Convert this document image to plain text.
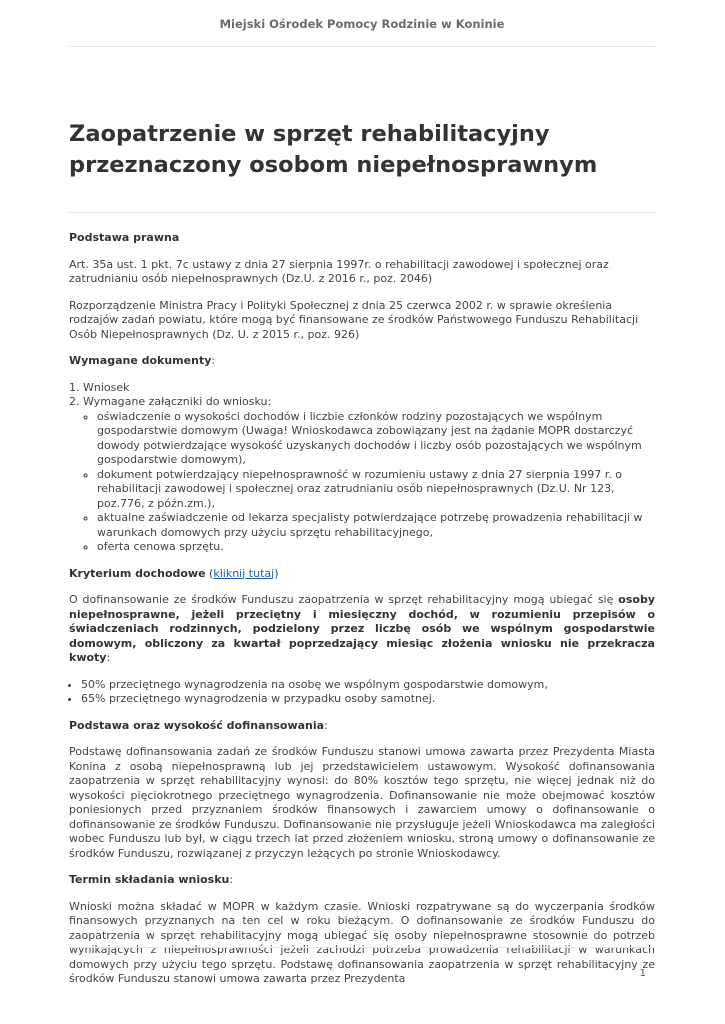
Miejski Ośrodek Pomocy Rodzinie w Koninie
Zaopatrzenie w sprzęt rehabilitacyjny przeznaczony osobom niepełnosprawnym

Podstawa prawna

Art. 35a ust. 1 pkt. 7c ustawy z dnia 27 sierpnia 1997r. o rehabilitacji zawodowej i społecznej oraz zatrudnianiu osób niepełnosprawnych (Dz.U. z 2016 r., poz. 2046)

Rozporządzenie Ministra Pracy i Polityki Społecznej z dnia 25 czerwca 2002 r. w sprawie określenia rodzajów zadań powiatu, które mogą być finansowane ze środków Państwowego Funduszu Rehabilitacji Osób Niepełnosprawnych (Dz. U. z 2015 r., poz. 926)

Wymagane dokumenty:

1. Wniosek
2. Wymagane załączniki do wniosku:
◦ oświadczenie o wysokości dochodów i liczbie członków rodziny pozostających we wspólnym gospodarstwie domowym (Uwaga! Wnioskodawca zobowiązany jest na żądanie MOPR dostarczyć dowody potwierdzające wysokość uzyskanych dochodów i liczby osób pozostających we wspólnym gospodarstwie domowym),
◦ dokument potwierdzający niepełnosprawność w rozumieniu ustawy z dnia 27 sierpnia 1997 r. o rehabilitacji zawodowej i społecznej oraz zatrudnianiu osób niepełnosprawnych (Dz.U. Nr 123, poz.776, z późn.zm.),
◦ aktualne zaświadczenie od lekarza specjalisty potwierdzające potrzebę prowadzenia rehabilitacji w warunkach domowych przy użyciu sprzętu rehabilitacyjnego,
◦ oferta cenowa sprzętu.

Kryterium dochodowe (kliknij tutaj)

O dofinansowanie ze środków Funduszu zaopatrzenia w sprzęt rehabilitacyjny mogą ubiegać się osoby niepełnosprawne, jeżeli przeciętny i miesięczny dochód, w rozumieniu przepisów o świadczeniach rodzinnych, podzielony przez liczbę osób we wspólnym gospodarstwie domowym, obliczony za kwartał poprzedzający miesiąc złożenia wniosku nie przekracza kwoty:

• 50% przeciętnego wynagrodzenia na osobę we wspólnym gospodarstwie domowym,
• 65% przeciętnego wynagrodzenia w przypadku osoby samotnej.

Podstawa oraz wysokość dofinansowania:

Podstawę dofinansowania zadań ze środków Funduszu stanowi umowa zawarta przez Prezydenta Miasta Konina z osobą niepełnosprawną lub jej przedstawicielem ustawowym. Wysokość dofinansowania zaopatrzenia w sprzęt rehabilitacyjny wynosi: do 80% kosztów tego sprzętu, nie więcej jednak niż do wysokości pięciokrotnego przeciętnego wynagrodzenia. Dofinansowanie nie może obejmować kosztów poniesionych przed przyznaniem środków finansowych i zawarciem umowy o dofinansowanie o dofinansowanie ze środków Funduszu. Dofinansowanie nie przysługuje jeżeli Wnioskodawca ma zaległości wobec Funduszu lub był, w ciągu trzech lat przed złożeniem wniosku, stroną umowy o dofinansowanie ze środków Funduszu, rozwiązanej z przyczyn leżących po stronie Wnioskodawcy.

Termin składania wniosku:

Wnioski można składać w MOPR w każdym czasie. Wnioski rozpatrywane są do wyczerpania środków finansowych przyznanych na ten cel w roku bieżącym. O dofinansowanie ze środków Funduszu do zaopatrzenia w sprzęt rehabilitacyjny mogą ubiegać się osoby niepełnosprawne stosownie do potrzeb wynikających z niepełnosprawności jeżeli zachodzi potrzeba prowadzenia rehabilitacji w warunkach domowych przy użyciu tego sprzętu. Podstawę dofinansowania zaopatrzenia w sprzęt rehabilitacyjny ze środków Funduszu stanowi umowa zawarta przez Prezydenta	1
